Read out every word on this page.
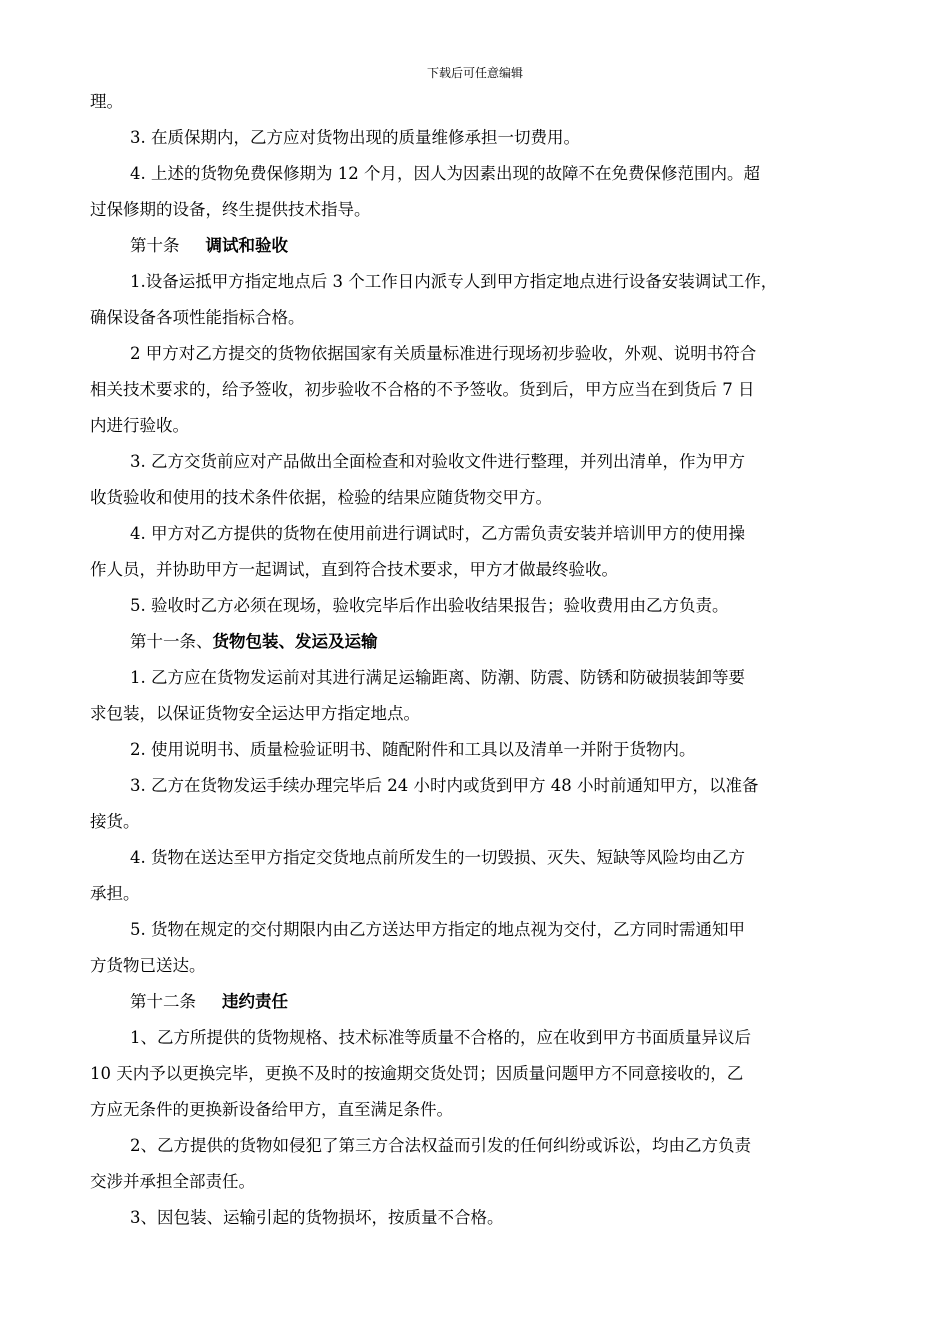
下载后可任意编辑
理。
3. 在质保期内，乙方应对货物出现的质量维修承担一切费用。
4. 上述的货物免费保修期为 12 个月，因人为因素出现的故障不在免费保修范围内。超
过保修期的设备，终生提供技术指导。
第十条 调试和验收
1.设备运抵甲方指定地点后 3 个工作日内派专人到甲方指定地点进行设备安装调试工作，
确保设备各项性能指标合格。
2 甲方对乙方提交的货物依据国家有关质量标准进行现场初步验收，外观、说明书符合
相关技术要求的，给予签收，初步验收不合格的不予签收。货到后，甲方应当在到货后 7 日
内进行验收。
3. 乙方交货前应对产品做出全面检查和对验收文件进行整理，并列出清单，作为甲方
收货验收和使用的技术条件依据，检验的结果应随货物交甲方。
4. 甲方对乙方提供的货物在使用前进行调试时，乙方需负责安装并培训甲方的使用操
作人员，并协助甲方一起调试，直到符合技术要求，甲方才做最终验收。
5. 验收时乙方必须在现场，验收完毕后作出验收结果报告；验收费用由乙方负责。
第十一条、货物包装、发运及运输
1. 乙方应在货物发运前对其进行满足运输距离、防潮、防震、防锈和防破损装卸等要
求包装，以保证货物安全运达甲方指定地点。
2. 使用说明书、质量检验证明书、随配附件和工具以及清单一并附于货物内。
3. 乙方在货物发运手续办理完毕后 24 小时内或货到甲方 48 小时前通知甲方，以准备
接货。
4. 货物在送达至甲方指定交货地点前所发生的一切毁损、灭失、短缺等风险均由乙方
承担。
5. 货物在规定的交付期限内由乙方送达甲方指定的地点视为交付，乙方同时需通知甲
方货物已送达。
第十二条 违约责任
1、乙方所提供的货物规格、技术标准等质量不合格的，应在收到甲方书面质量异议后
10 天内予以更换完毕，更换不及时的按逾期交货处罚；因质量问题甲方不同意接收的，乙
方应无条件的更换新设备给甲方，直至满足条件。
2、乙方提供的货物如侵犯了第三方合法权益而引发的任何纠纷或诉讼，均由乙方负责
交涉并承担全部责任。
3、因包装、运输引起的货物损坏，按质量不合格。
